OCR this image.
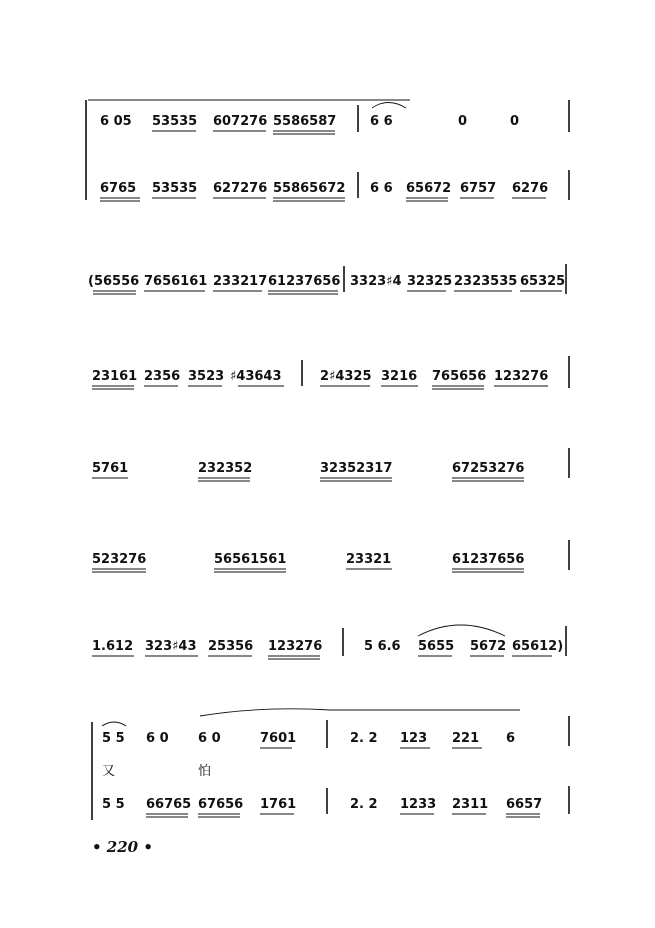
6 05 53535 607276 5586587	6 6	0	0
6765 53535 627276 55865672 6 6 65672 6757 6276
(56556 7656161 233217 61237656 3323♯4 32325 2323535 65325
23161 2356 3523 ♯43643	2♯4325 3216 765656 123276
5761	232352	32352317	67253276
523276	56561561	23321	61237656
1.612 323♯43 25356 123276	5 6.6 5655 5672 65612)
5 5 6 0 6 0	7601	2. 2 123 221 6
又	怕
5 5 66765 67656 1761	2. 2 1233 2311 6657
• 220 •
